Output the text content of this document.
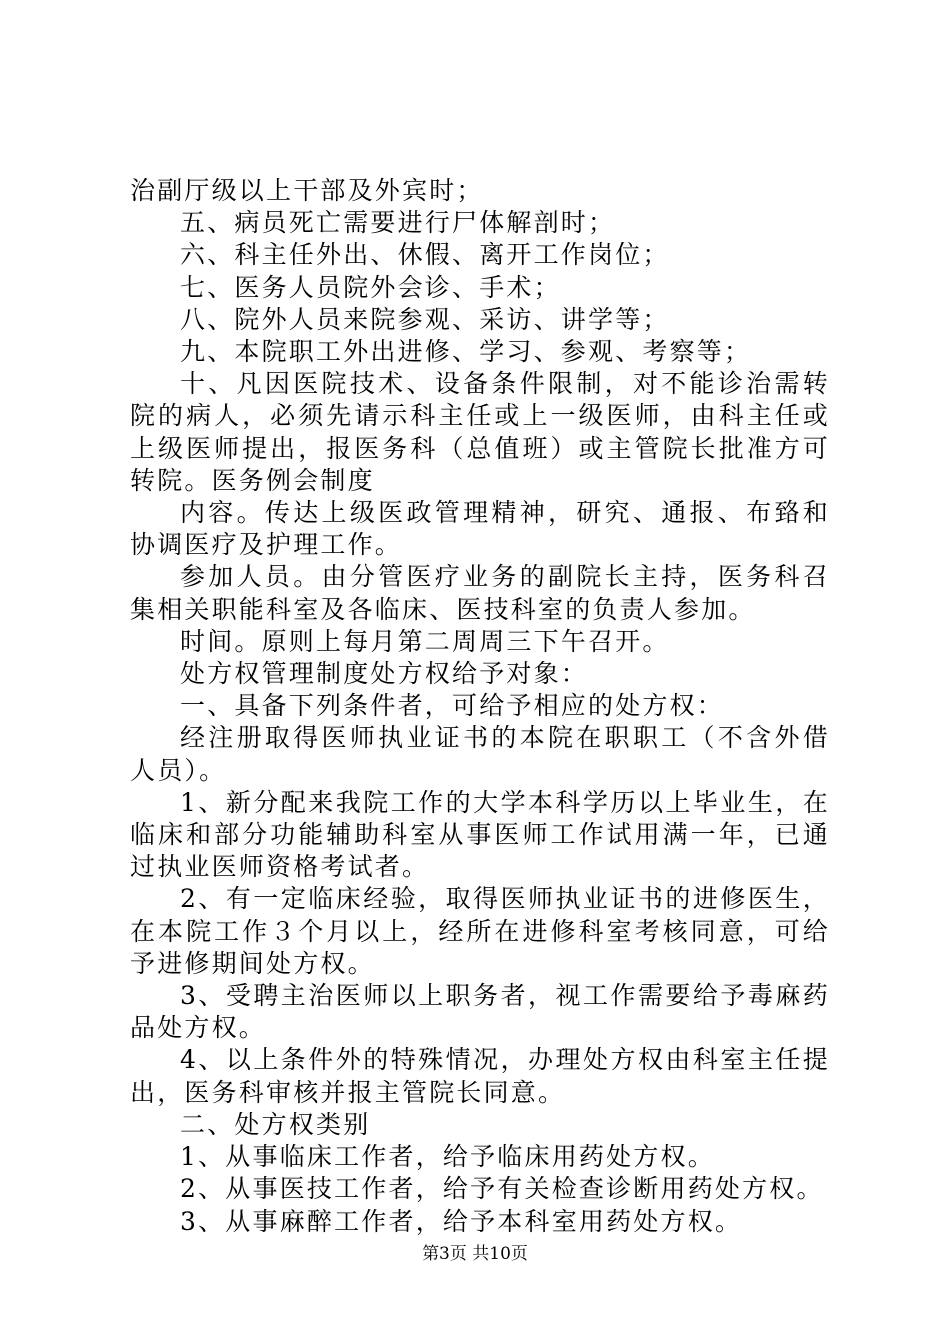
治副厅级以上干部及外宾时；

五、病员死亡需要进行尸体解剖时；

六、科主任外出、休假、离开工作岗位；

七、医务人员院外会诊、手术；

八、院外人员来院参观、采访、讲学等；

九、本院职工外出进修、学习、参观、考察等；

十、凡因医院技术、设备条件限制，对不能诊治需转院的病人，必须先请示科主任或上一级医师，由科主任或上级医师提出，报医务科（总值班）或主管院长批准方可转院。医务例会制度

内容。传达上级医政管理精神，研究、通报、布臵和协调医疗及护理工作。

参加人员。由分管医疗业务的副院长主持，医务科召集相关职能科室及各临床、医技科室的负责人参加。

时间。原则上每月第二周周三下午召开。

处方权管理制度处方权给予对象：

一、具备下列条件者，可给予相应的处方权：

经注册取得医师执业证书的本院在职职工（不含外借人员）。

1、新分配来我院工作的大学本科学历以上毕业生，在临床和部分功能辅助科室从事医师工作试用满一年，已通过执业医师资格考试者。

2、有一定临床经验，取得医师执业证书的进修医生，在本院工作３个月以上，经所在进修科室考核同意，可给予进修期间处方权。

3、受聘主治医师以上职务者，视工作需要给予毒麻药品处方权。

4、以上条件外的特殊情况，办理处方权由科室主任提出，医务科审核并报主管院长同意。

二、处方权类别

1、从事临床工作者，给予临床用药处方权。

2、从事医技工作者，给予有关检查诊断用药处方权。

3、从事麻醉工作者，给予本科室用药处方权。

第3页 共10页
